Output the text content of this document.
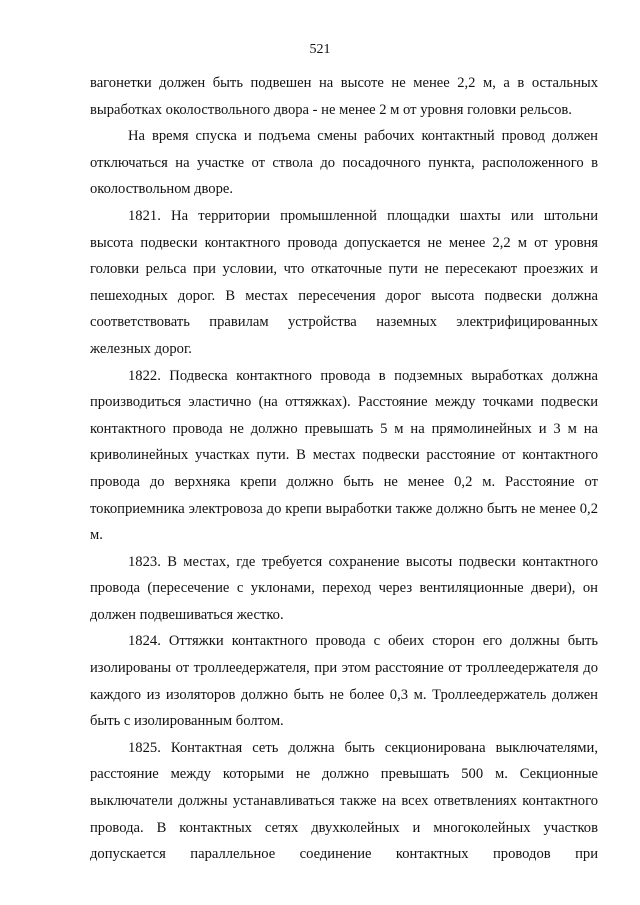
521

вагонетки должен быть подвешен на высоте не менее 2,2 м, а в остальных выработках околоствольного двора - не менее 2 м от уровня головки рельсов.

На время спуска и подъема смены рабочих контактный провод должен отключаться на участке от ствола до посадочного пункта, расположенного в околоствольном дворе.

1821. На территории промышленной площадки шахты или штольни высота подвески контактного провода допускается не менее 2,2 м от уровня головки рельса при условии, что откаточные пути не пересекают проезжих и пешеходных дорог. В местах пересечения дорог высота подвески должна соответствовать правилам устройства наземных электрифицированных железных дорог.

1822. Подвеска контактного провода в подземных выработках должна производиться эластично (на оттяжках). Расстояние между точками подвески контактного провода не должно превышать 5 м на прямолинейных и 3 м на криволинейных участках пути. В местах подвески расстояние от контактного провода до верхняка крепи должно быть не менее 0,2 м. Расстояние от токоприемника электровоза до крепи выработки также должно быть не менее 0,2 м.

1823. В местах, где требуется сохранение высоты подвески контактного провода (пересечение с уклонами, переход через вентиляционные двери), он должен подвешиваться жестко.

1824. Оттяжки контактного провода с обеих сторон его должны быть изолированы от троллеедержателя, при этом расстояние от троллеедержателя до каждого из изоляторов должно быть не более 0,3 м. Троллеедержатель должен быть с изолированным болтом.

1825. Контактная сеть должна быть секционирована выключателями, расстояние между которыми не должно превышать 500 м. Секционные выключатели должны устанавливаться также на всех ответвлениях контактного провода. В контактных сетях двухколейных и многоколейных участков допускается параллельное соединение контактных проводов при
